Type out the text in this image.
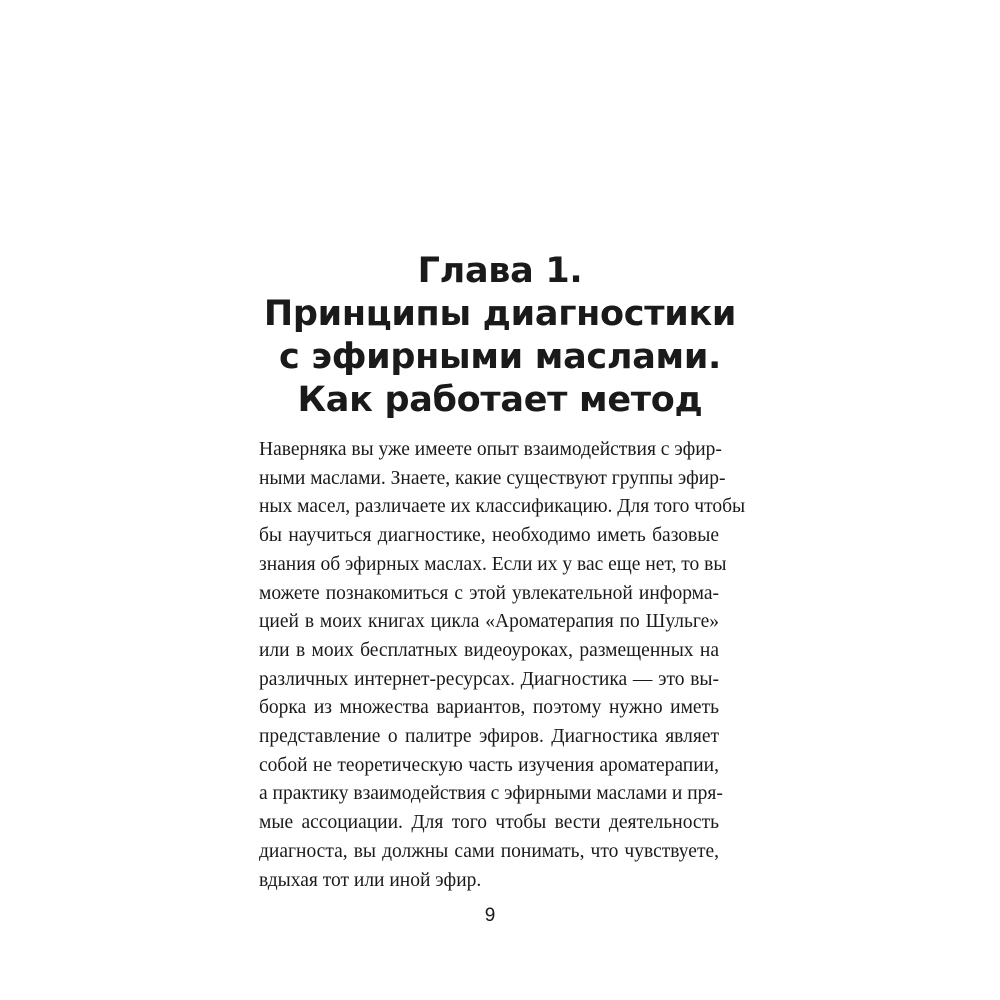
Глава 1.
Принципы диагностики
с эфирными маслами.
Как работает метод

Наверняка вы уже имеете опыт взаимодействия с эфир-
ными маслами. Знаете, какие существуют группы эфир-
ных масел, различаете их классификацию. Для того чтобы
бы научиться диагностике, необходимо иметь базовые
знания об эфирных маслах. Если их у вас еще нет, то вы
можете познакомиться с этой увлекательной информа-
цией в моих книгах цикла «Ароматерапия по Шульге»
или в моих бесплатных видеоуроках, размещенных на
различных интернет-ресурсах. Диагностика — это вы-
борка из множества вариантов, поэтому нужно иметь
представление о палитре эфиров. Диагностика являет
собой не теоретическую часть изучения ароматерапии,
а практику взаимодействия с эфирными маслами и пря-
мые ассоциации. Для того чтобы вести деятельность
диагноста, вы должны сами понимать, что чувствуете,
вдыхая тот или иной эфир.

9
